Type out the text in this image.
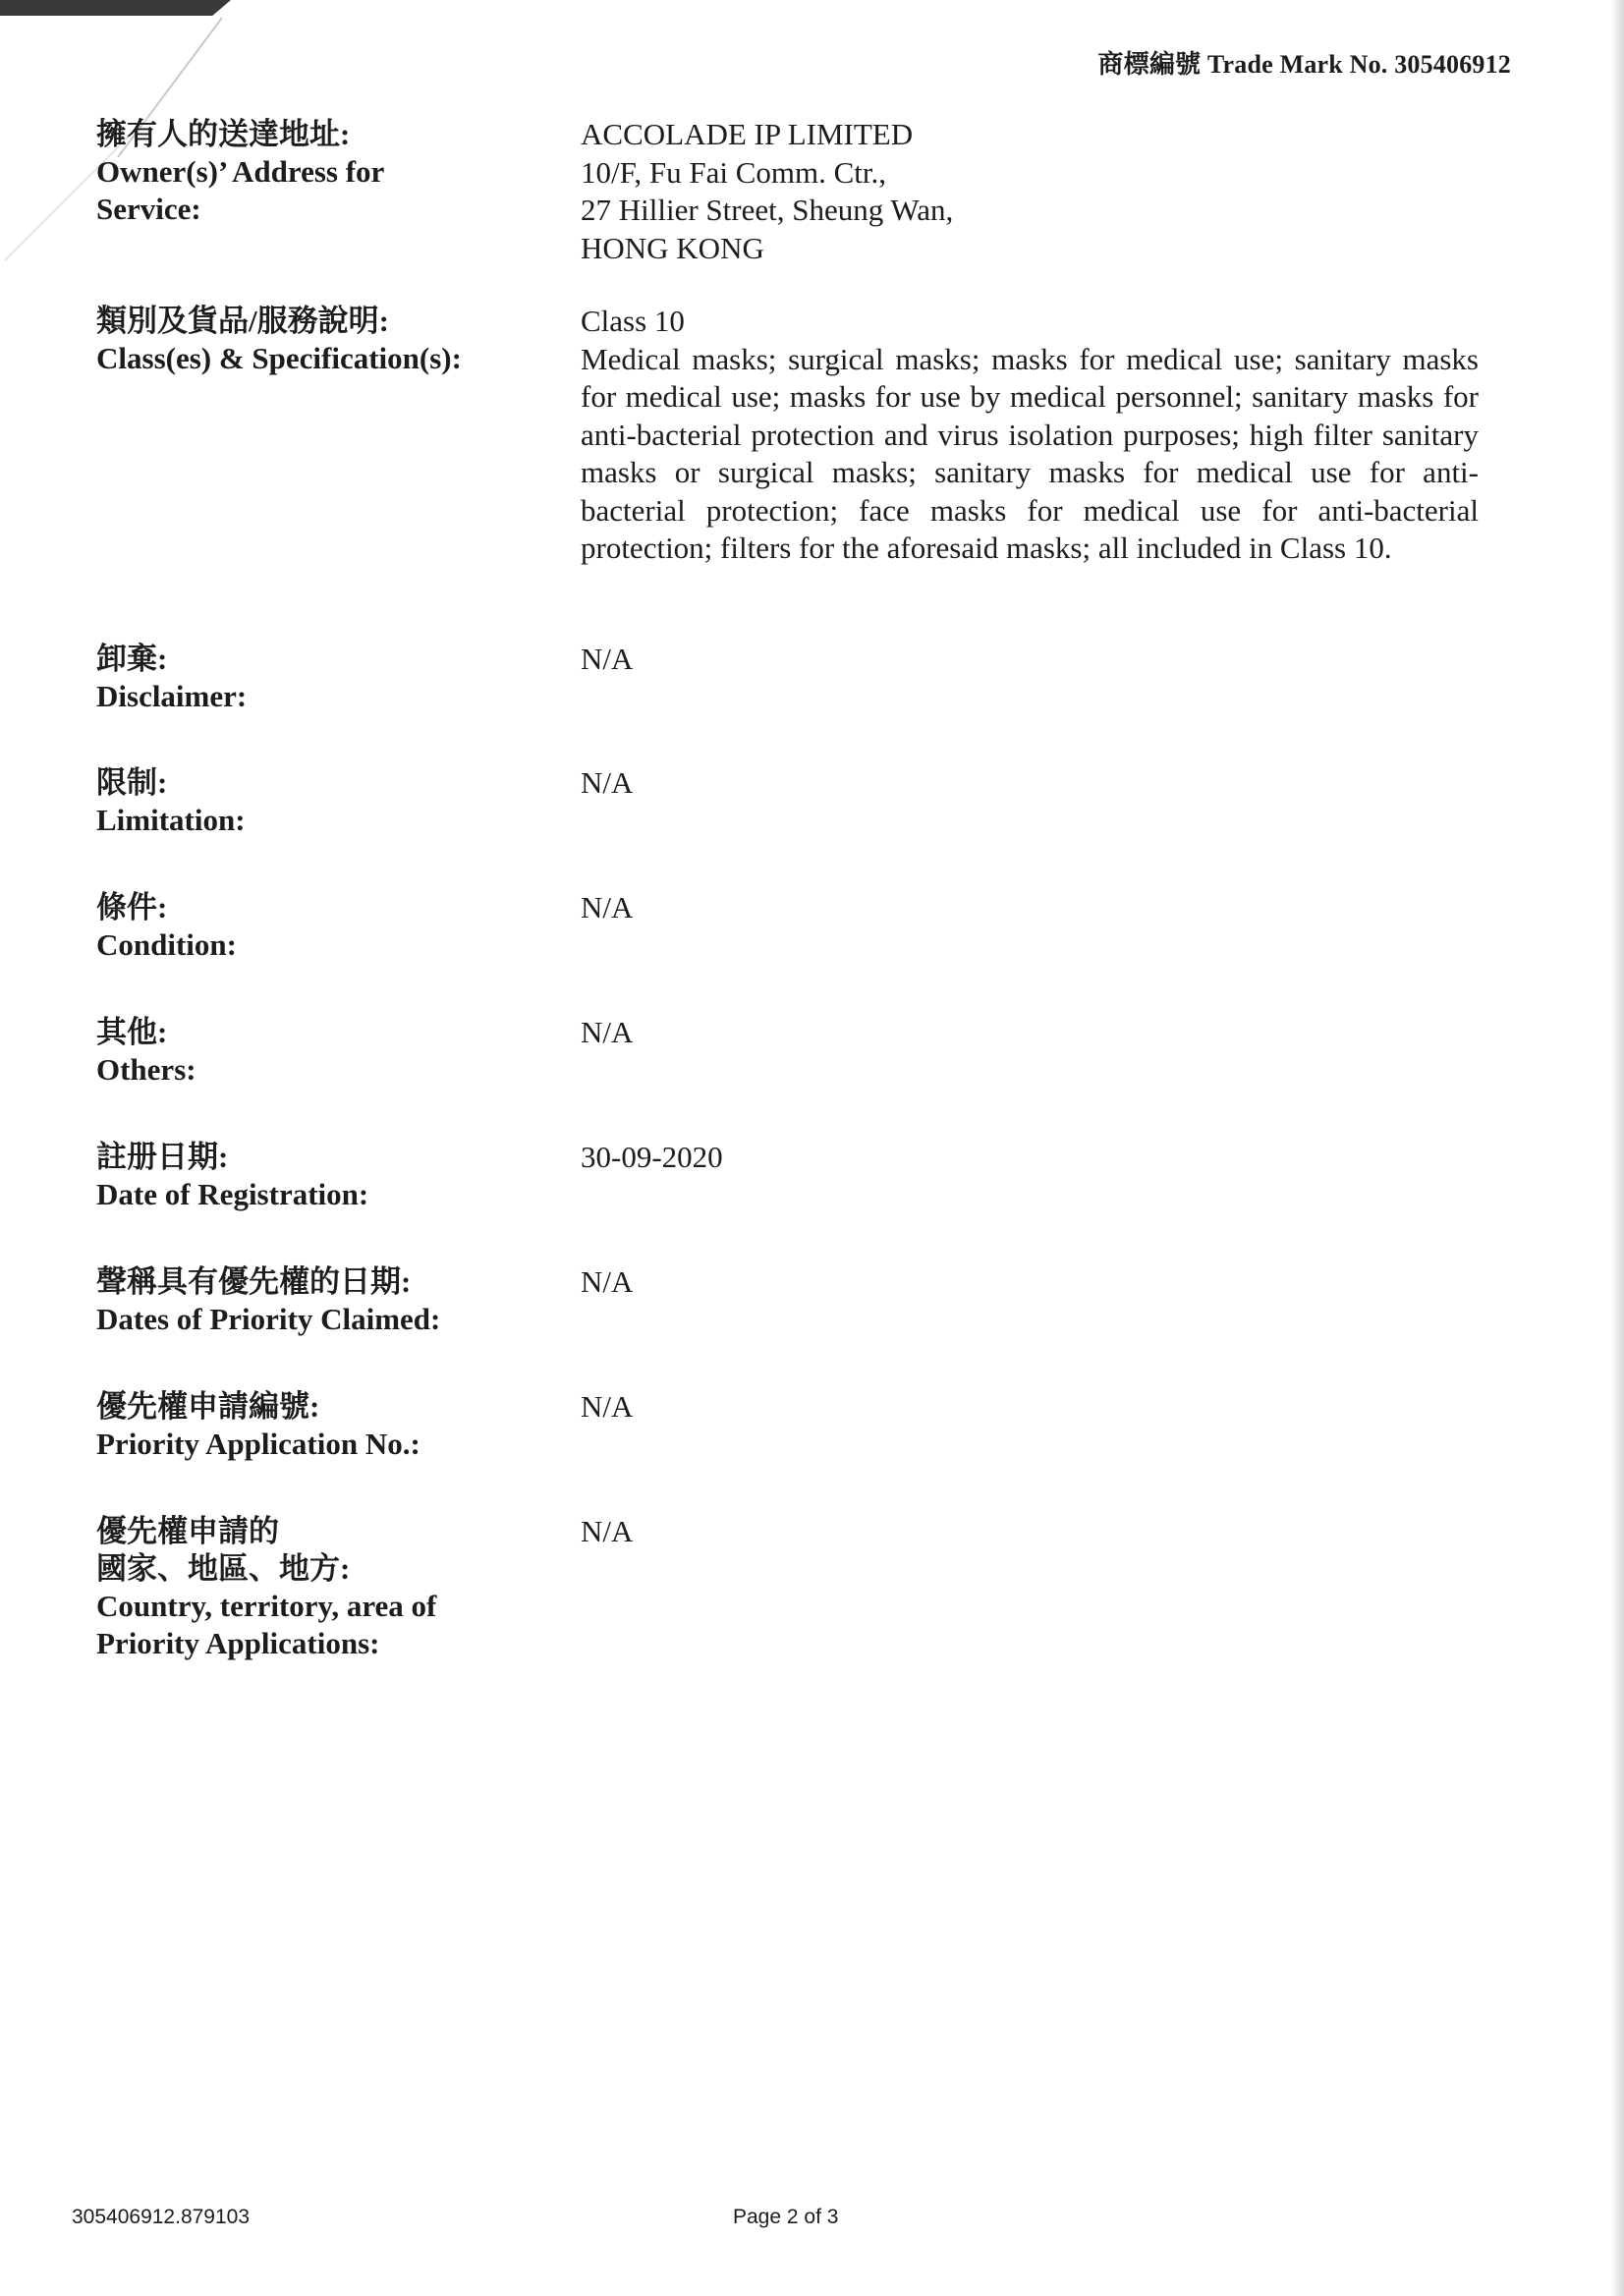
商標編號 Trade Mark No. 305406912
擁有人的送達地址:
Owner(s)’ Address for Service:
ACCOLADE IP LIMITED
10/F, Fu Fai Comm. Ctr.,
27 Hillier Street, Sheung Wan,
HONG KONG
類別及貨品/服務說明:
Class(es) & Specification(s):
Class 10
Medical masks; surgical masks; masks for medical use; sanitary masks for medical use; masks for use by medical personnel; sanitary masks for anti-bacterial protection and virus isolation purposes; high filter sanitary masks or surgical masks; sanitary masks for medical use for anti-bacterial protection; face masks for medical use for anti-bacterial protection; filters for the aforesaid masks; all included in Class 10.
卸棄:
Disclaimer:
N/A
限制:
Limitation:
N/A
條件:
Condition:
N/A
其他:
Others:
N/A
註册日期:
Date of Registration:
30-09-2020
聲稱具有優先權的日期:
Dates of Priority Claimed:
N/A
優先權申請編號:
Priority Application No.:
N/A
優先權申請的
國家、地區、地方:
Country, territory, area of
Priority Applications:
N/A
305406912.879103	Page 2 of 3
